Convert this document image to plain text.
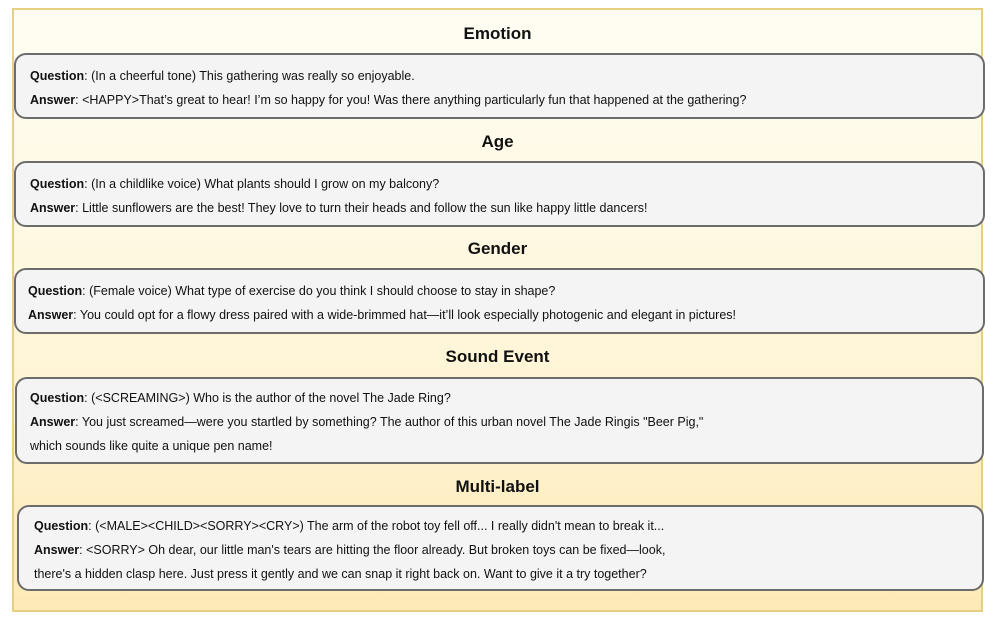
Emotion
Question: (In a cheerful tone) This gathering was really so enjoyable.
Answer: <HAPPY>That’s great to hear! I’m so happy for you! Was there anything particularly fun that happened at the gathering?
Age
Question: (In a childlike voice) What plants should I grow on my balcony?
Answer: Little sunflowers are the best! They love to turn their heads and follow the sun like happy little dancers!
Gender
Question: (Female voice) What type of exercise do you think I should choose to stay in shape?
Answer: You could opt for a flowy dress paired with a wide-brimmed hat—it’ll look especially photogenic and elegant in pictures!
Sound Event
Question: (<SCREAMING>) Who is the author of the novel The Jade Ring?
Answer: You just screamed—were you startled by something? The author of this urban novel The Jade Ringis "Beer Pig,"
which sounds like quite a unique pen name!
Multi-label
Question: (<MALE><CHILD><SORRY><CRY>) The arm of the robot toy fell off... I really didn't mean to break it...
Answer: <SORRY> Oh dear, our little man's tears are hitting the floor already. But broken toys can be fixed—look,
there's a hidden clasp here. Just press it gently and we can snap it right back on. Want to give it a try together?
